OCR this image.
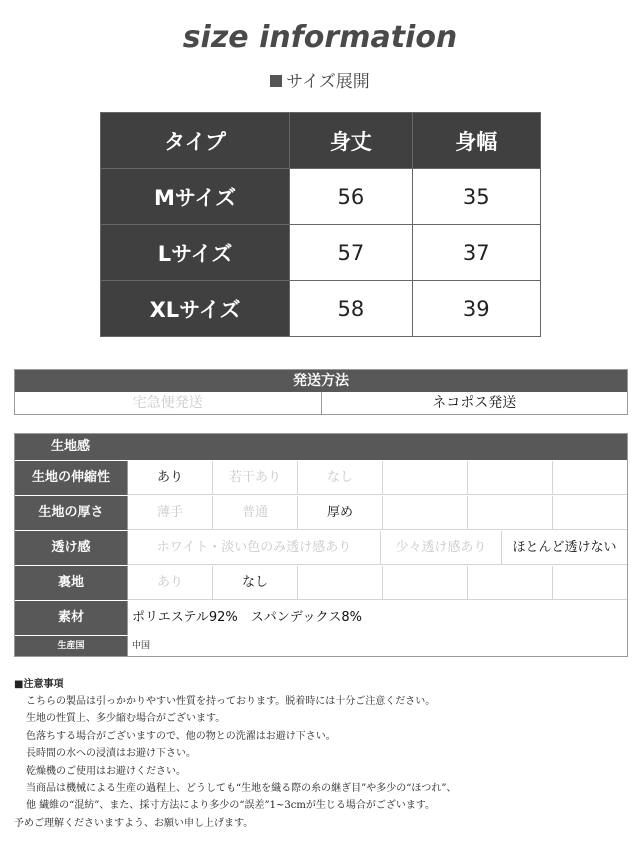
size information
サイズ展開
タイプ	身丈	身幅
Mサイズ	56	35
Lサイズ	57	37
XLサイズ	58	39
発送方法
宅急便発送	ネコポス発送
生地感
生地の伸縮性	あり	若干あり	なし
生地の厚さ	薄手	普通	厚め
透け感	ホワイト・淡い色のみ透け感あり	少々透け感あり	ほとんど透けない
裏地	あり	なし
素材	ポリエステル92%　スパンデックス8%
生産国	中国
■注意事項
こちらの製品は引っかかりやすい性質を持っております。脱着時には十分ご注意ください。
生地の性質上、多少縮む場合がございます。
色落ちする場合がございますので、他の物との洗濯はお避け下さい。
長時間の水への浸漬はお避け下さい。
乾燥機のご使用はお避けください。
当商品は機械による生産の過程上、どうしても“生地を織る際の糸の継ぎ目”や多少の“ほつれ”、
他 繊維の“混紡”、また、採寸方法により多少の“誤差”1~3cmが生じる場合がございます。
予めご理解くださいますよう、お願い申し上げます。
